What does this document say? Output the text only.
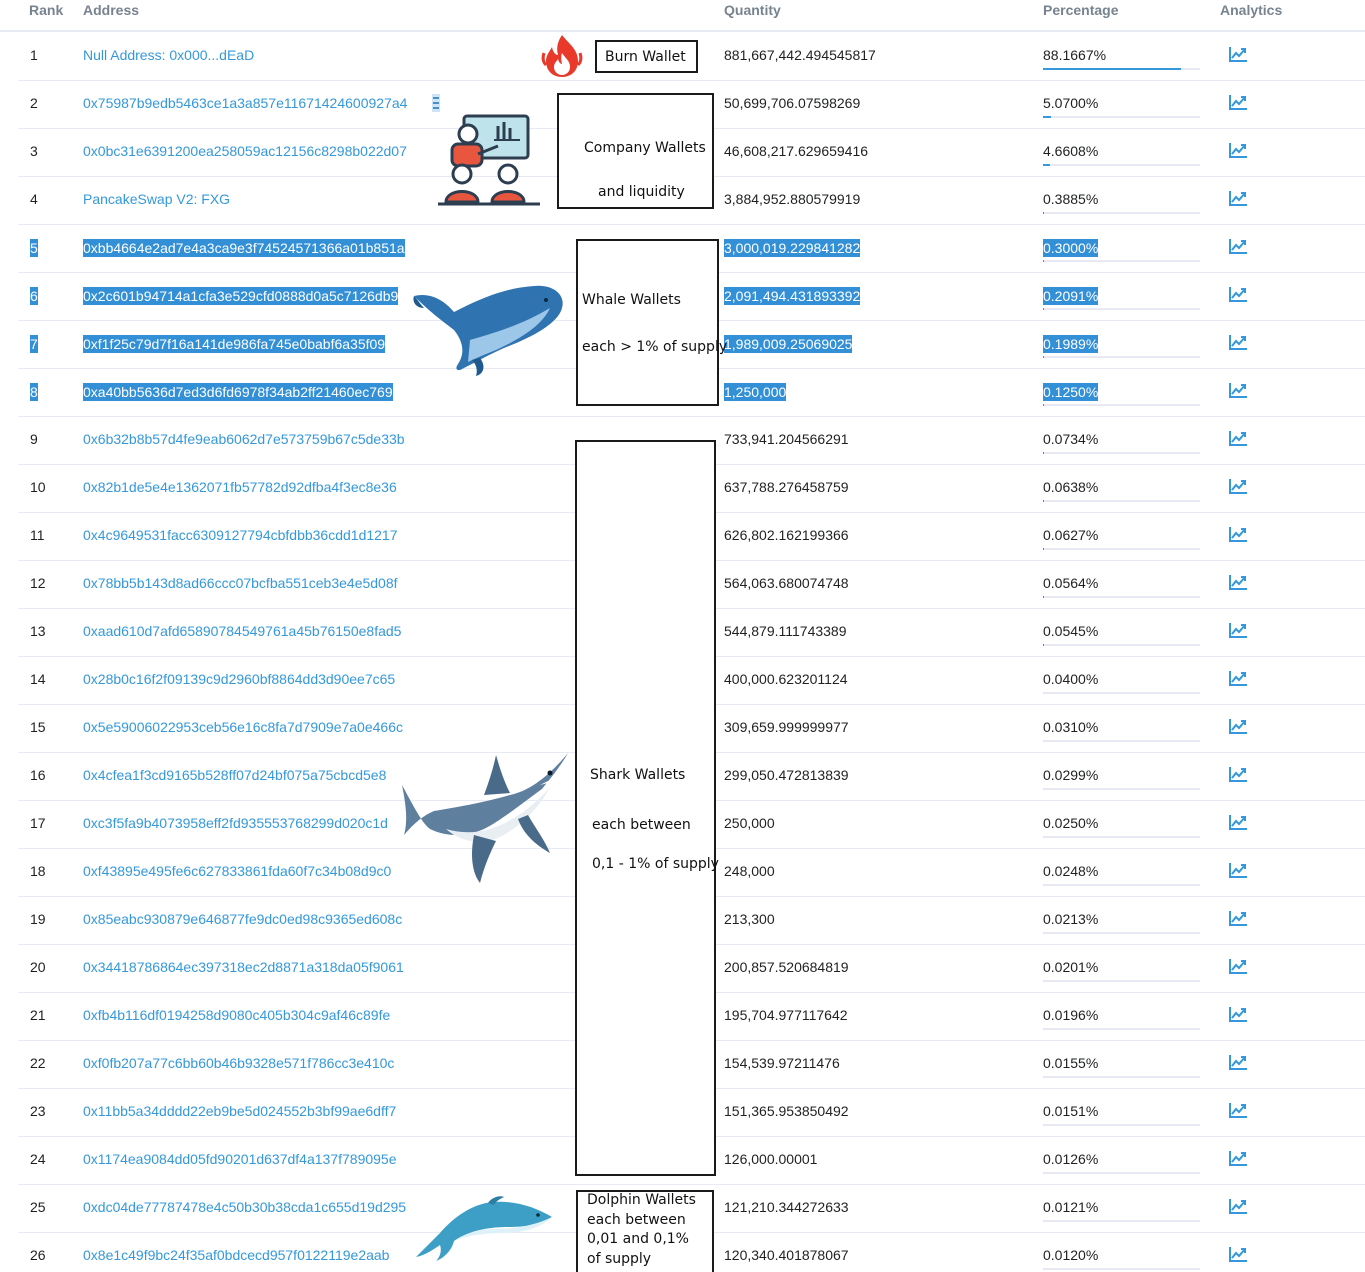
Rank Address	Quantity	Percentage	Analytics
1	Null Address: 0x000...dEaD	881,667,442.494545817	88.1667%
2	0x75987b9edb5463ce1a3a857e11671424600927a4	50,699,706.07598269	5.0700%
3	0x0bc31e6391200ea258059ac12156c8298b022d07	46,608,217.629659416	4.6608%
4	PancakeSwap V2: FXG	3,884,952.880579919	0.3885%
5	0xbb4664e2ad7e4a3ca9e3f74524571366a01b851a	3,000,019.229841282	0.3000%
6	0x2c601b94714a1cfa3e529cfd0888d0a5c7126db9	2,091,494.431893392	0.2091%
7	0xf1f25c79d7f16a141de986fa745e0babf6a35f09	1,989,009.25069025	0.1989%
8	0xa40bb5636d7ed3d6fd6978f34ab2ff21460ec769	1,250,000	0.1250%
9	0x6b32b8b57d4fe9eab6062d7e573759b67c5de33b	733,941.204566291	0.0734%
10	0x82b1de5e4e1362071fb57782d92dfba4f3ec8e36	637,788.276458759	0.0638%
11	0x4c9649531facc6309127794cbfdbb36cdd1d1217	626,802.162199366	0.0627%
12	0x78bb5b143d8ad66ccc07bcfba551ceb3e4e5d08f	564,063.680074748	0.0564%
13	0xaad610d7afd65890784549761a45b76150e8fad5	544,879.111743389	0.0545%
14	0x28b0c16f2f09139c9d2960bf8864dd3d90ee7c65	400,000.623201124	0.0400%
15	0x5e59006022953ceb56e16c8fa7d7909e7a0e466c	309,659.999999977	0.0310%
16	0x4cfea1f3cd9165b528ff07d24bf075a75cbcd5e8	299,050.472813839	0.0299%
17	0xc3f5fa9b4073958eff2fd935553768299d020c1d	250,000	0.0250%
18	0xf43895e495fe6c627833861fda60f7c34b08d9c0	248,000	0.0248%
19	0x85eabc930879e646877fe9dc0ed98c9365ed608c	213,300	0.0213%
20	0x34418786864ec397318ec2d8871a318da05f9061	200,857.520684819	0.0201%
21	0xfb4b116df0194258d9080c405b304c9af46c89fe	195,704.977117642	0.0196%
22	0xf0fb207a77c6bb60b46b9328e571f786cc3e410c	154,539.97211476	0.0155%
23	0x11bb5a34dddd22eb9be5d024552b3bf99ae6dff7	151,365.953850492	0.0151%
24	0x1174ea9084dd05fd90201d637df4a137f789095e	126,000.00001	0.0126%
25	0xdc04de77787478e4c50b30b38cda1c655d19d295	121,210.344272633	0.0121%
26	0x8e1c49f9bc24f35af0bdcecd957f0122119e2aab	120,340.401878067	0.0120%
Burn Wallet
Company Wallets
and liquidity
Whale Wallets
each > 1% of supply
Shark Wallets
each between
0,1 - 1% of supply
Dolphin Wallets
each between
0,01 and 0,1%
of supply
